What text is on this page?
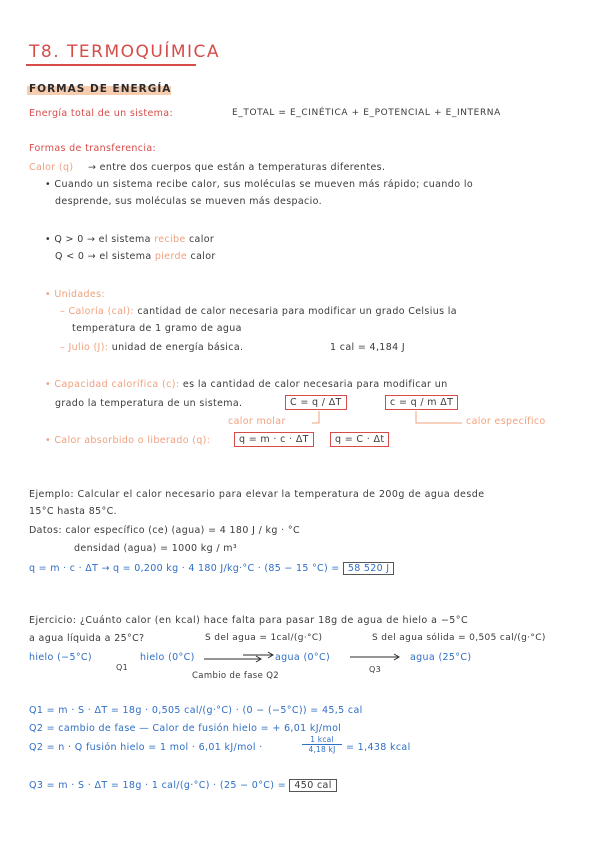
T8. TERMOQUÍMICA
FORMAS DE ENERGÍA
Energía total de un sistema:	E_TOTAL = E_CINÉTICA + E_POTENCIAL + E_INTERNA
Formas de transferencia:
Calor (q) → entre dos cuerpos que están a temperaturas diferentes.
• Cuando un sistema recibe calor, sus moléculas se mueven más rápido; cuando lo
desprende, sus moléculas se mueven más despacio.
• Q > 0 → el sistema recibe calor
Q < 0 → el sistema pierde calor
• Unidades:
– Caloría (cal): cantidad de calor necesaria para modificar un grado Celsius la
temperatura de 1 gramo de agua
– Julio (J): unidad de energía básica.	1 cal = 4,184 J
• Capacidad calorífica (c): es la cantidad de calor necesaria para modificar un
grado la temperatura de un sistema.	C = q / ΔT	c = q / m ΔT
calor molar	calor específico
• Calor absorbido o liberado (q):	q = m · c · ΔT	q = C · Δt
Ejemplo: Calcular el calor necesario para elevar la temperatura de 200g de agua desde
15°C hasta 85°C.
Datos: calor específico (ce) (agua) = 4 180 J / kg · °C
densidad (agua) = 1000 kg / m³
q = m · c · ΔT → q = 0,200 kg · 4 180 J/kg·°C · (85 − 15 °C) = 58 520 J
Ejercicio: ¿Cuánto calor (en kcal) hace falta para pasar 18g de agua de hielo a −5°C
a agua líquida a 25°C?	S del agua = 1cal/(g·°C)	S del agua sólida = 0,505 cal/(g·°C)
hielo (−5°C)
Q1
hielo (0°C)	agua (0°C)
Q3
agua (25°C)
Cambio de fase Q2
Q1 = m · S · ΔT = 18g · 0,505 cal/(g·°C) · (0 − (−5°C)) = 45,5 cal
Q2 = cambio de fase — Calor de fusión hielo = + 6,01 kJ/mol
Q2 = n · Q fusión hielo = 1 mol · 6,01 kJ/mol ·
1 kcal
4,18 kJ	= 1,438 kcal
Q3 = m · S · ΔT = 18g · 1 cal/(g·°C) · (25 − 0°C) = 450 cal
